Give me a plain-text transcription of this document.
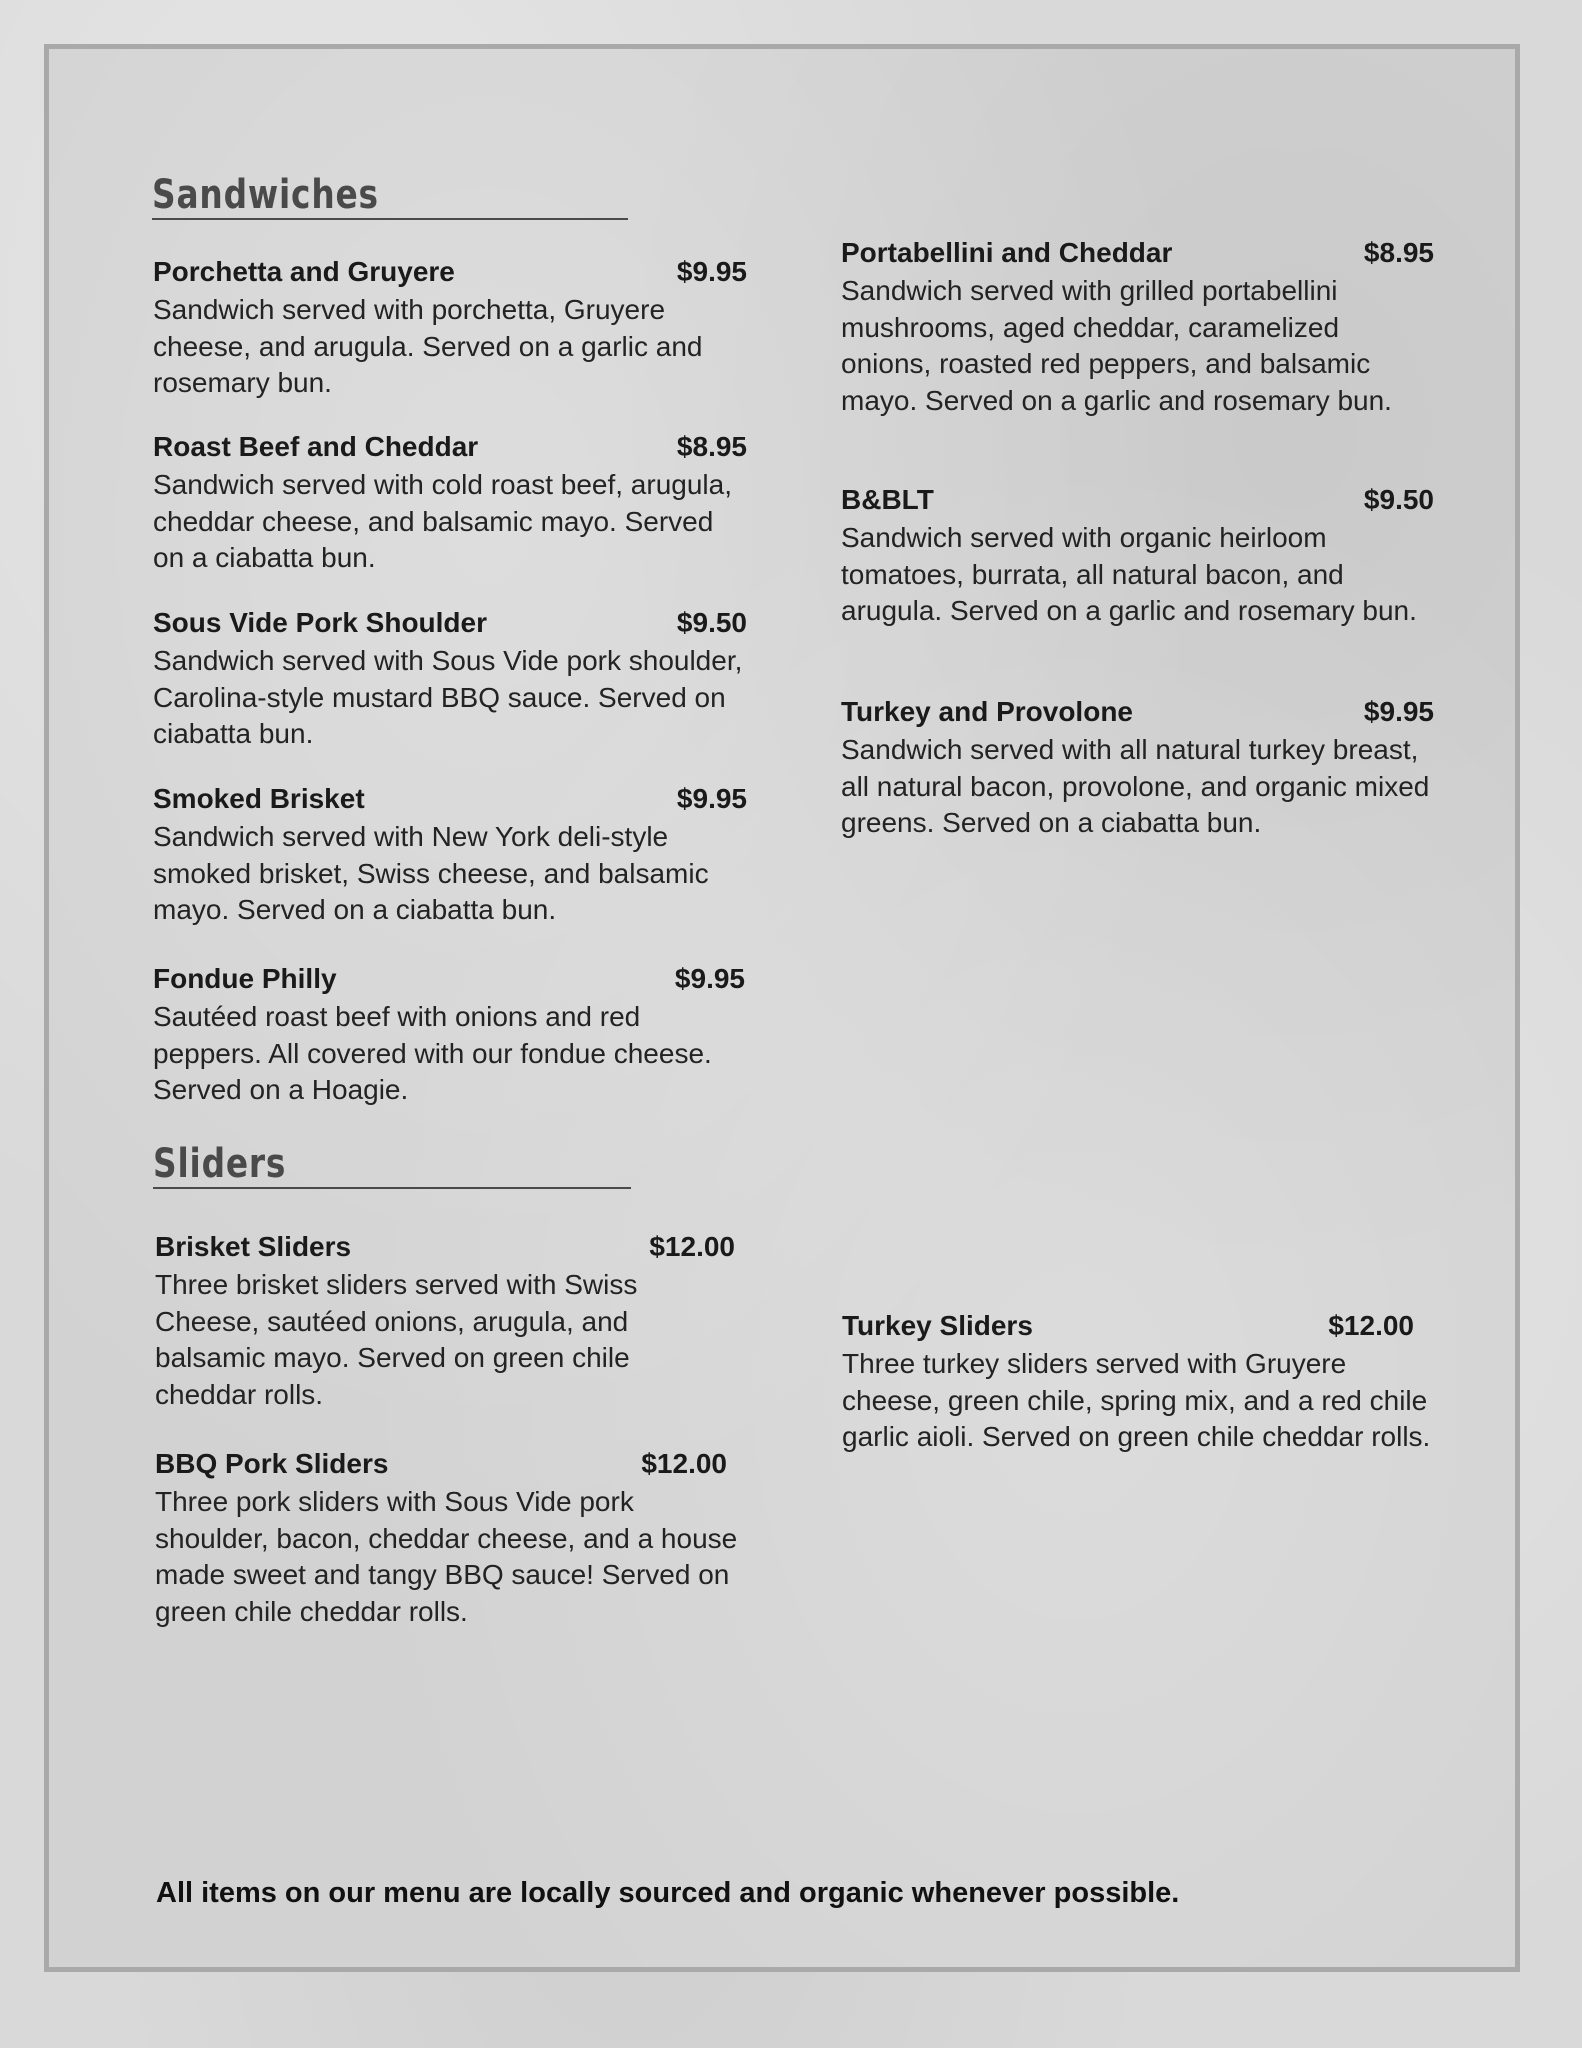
Sandwiches
Porchetta and Gruyere	$9.95

Sandwich served with porchetta, Gruyere cheese, and arugula. Served on a garlic and rosemary bun.

Roast Beef and Cheddar	$8.95

Sandwich served with cold roast beef, arugula, cheddar cheese, and balsamic mayo. Served on a ciabatta bun.

Sous Vide Pork Shoulder	$9.50

Sandwich served with Sous Vide pork shoulder, Carolina-style mustard BBQ sauce. Served on ciabatta bun.

Smoked Brisket	$9.95

Sandwich served with New York deli-style smoked brisket, Swiss cheese, and balsamic mayo. Served on a ciabatta bun.

Fondue Philly	$9.95

Sautéed roast beef with onions and red peppers. All covered with our fondue cheese. Served on a Hoagie.

Portabellini and Cheddar	$8.95

Sandwich served with grilled portabellini mushrooms, aged cheddar, caramelized onions, roasted red peppers, and balsamic mayo. Served on a garlic and rosemary bun.

B&BLT	$9.50

Sandwich served with organic heirloom tomatoes, burrata, all natural bacon, and arugula. Served on a garlic and rosemary bun.

Turkey and Provolone	$9.95

Sandwich served with all natural turkey breast, all natural bacon, provolone, and organic mixed greens. Served on a ciabatta bun.

Sliders
Brisket Sliders	$12.00

Three brisket sliders served with Swiss Cheese, sautéed onions, arugula, and balsamic mayo. Served on green chile cheddar rolls.

BBQ Pork Sliders	$12.00

Three pork sliders with Sous Vide pork shoulder, bacon, cheddar cheese, and a house made sweet and tangy BBQ sauce! Served on green chile cheddar rolls.

Turkey Sliders	$12.00

Three turkey sliders served with Gruyere cheese, green chile, spring mix, and a red chile garlic aioli. Served on green chile cheddar rolls.

All items on our menu are locally sourced and organic whenever possible.
